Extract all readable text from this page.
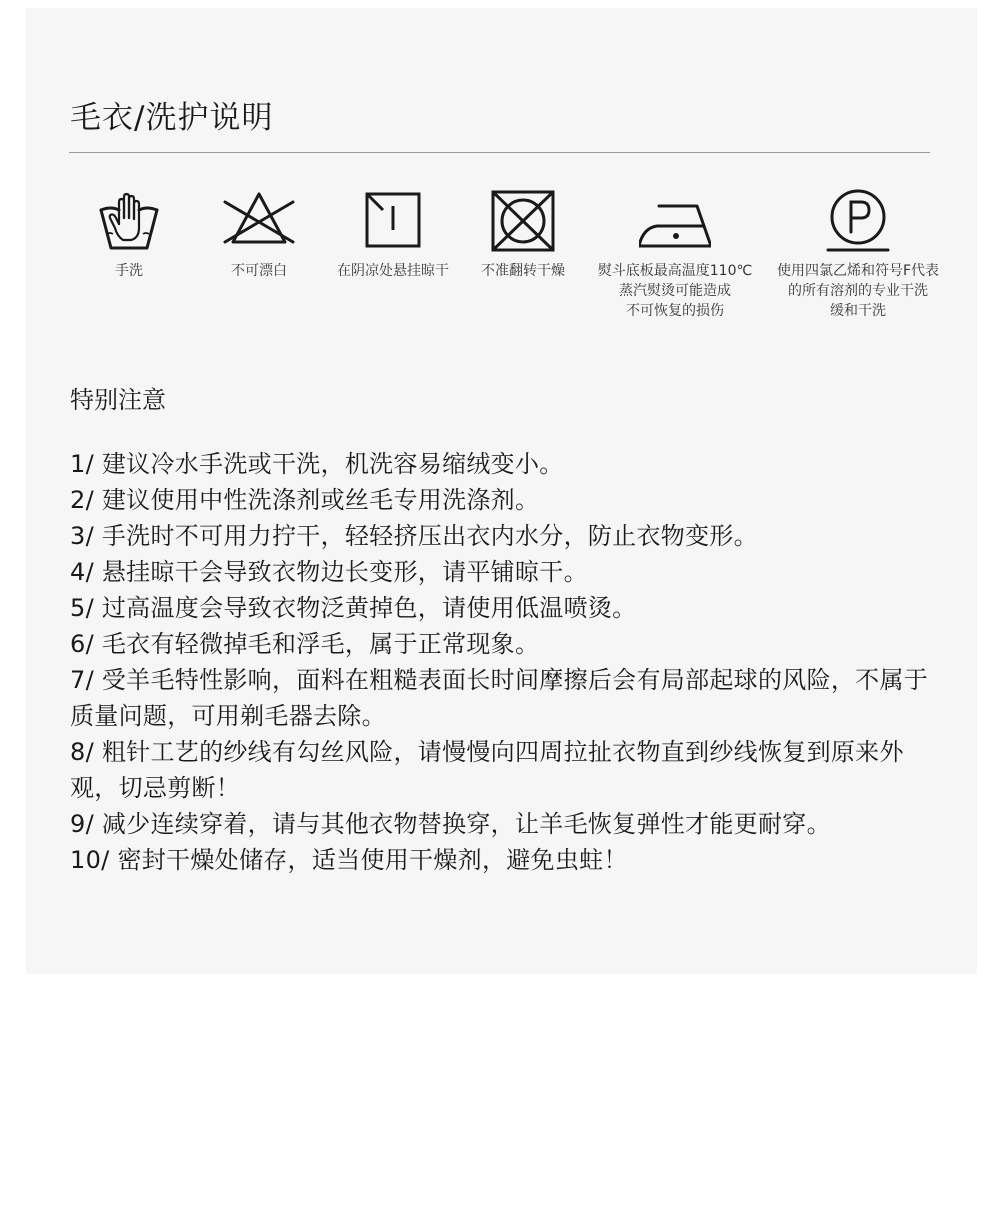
毛衣/洗护说明
手洗	不可漂白	在阴凉处悬挂晾干	不准翻转干燥	熨斗底板最高温度110℃
蒸汽熨烫可能造成
不可恢复的损伤
使用四氯乙烯和符号F代表
的所有溶剂的专业干洗
缓和干洗
特别注意
1/ 建议冷水手洗或干洗，机洗容易缩绒变小。
2/ 建议使用中性洗涤剂或丝毛专用洗涤剂。
3/ 手洗时不可用力拧干，轻轻挤压出衣内水分，防止衣物变形。
4/ 悬挂晾干会导致衣物边长变形，请平铺晾干。
5/ 过高温度会导致衣物泛黄掉色，请使用低温喷烫。
6/ 毛衣有轻微掉毛和浮毛，属于正常现象。
7/ 受羊毛特性影响，面料在粗糙表面长时间摩擦后会有局部起球的风险，不属于质量问题，可用剃毛器去除。
8/ 粗针工艺的纱线有勾丝风险，请慢慢向四周拉扯衣物直到纱线恢复到原来外观，切忌剪断！
9/ 减少连续穿着，请与其他衣物替换穿，让羊毛恢复弹性才能更耐穿。
10/ 密封干燥处储存，适当使用干燥剂，避免虫蛀！
